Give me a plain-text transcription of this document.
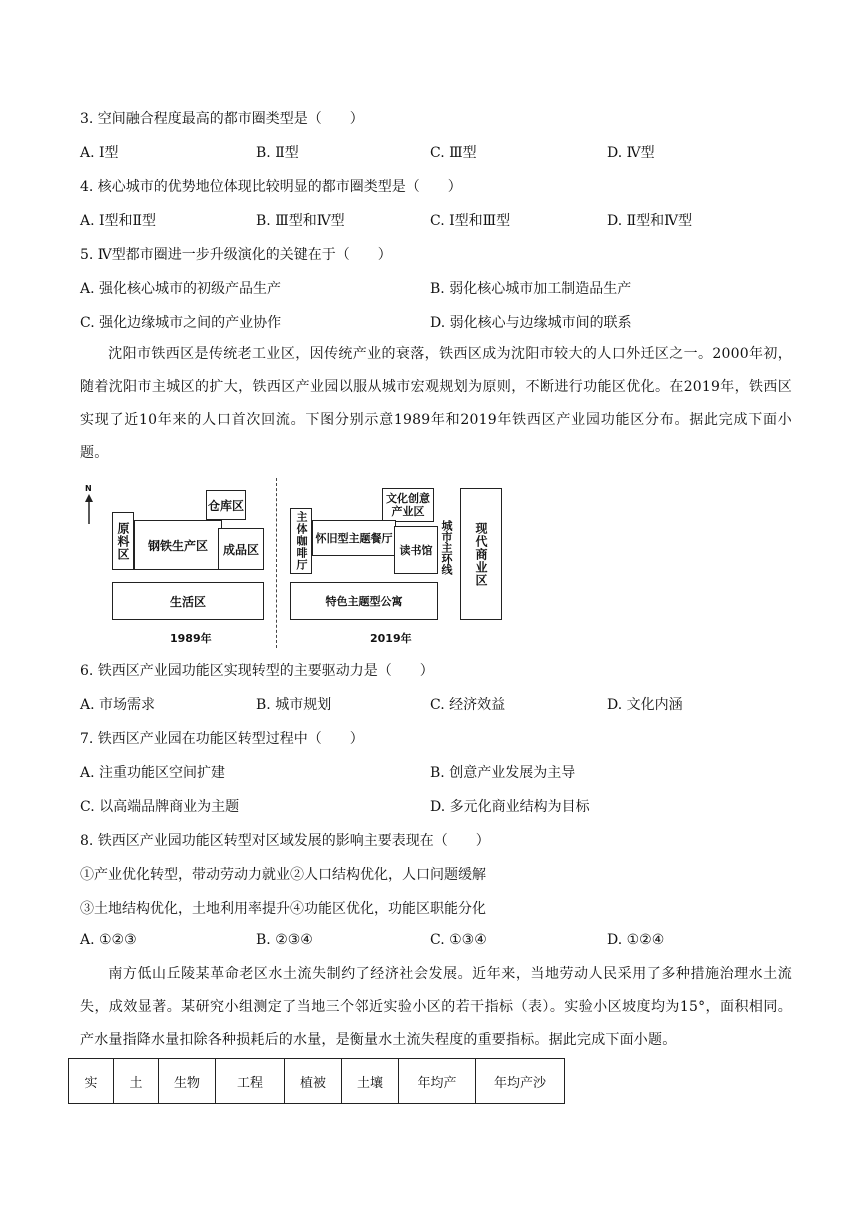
3. 空间融合程度最高的都市圈类型是（　　）
A. Ⅰ型	B. Ⅱ型	C. Ⅲ型	D. Ⅳ型
4. 核心城市的优势地位体现比较明显的都市圈类型是（　　）
A. Ⅰ型和Ⅱ型	B. Ⅲ型和Ⅳ型	C. Ⅰ型和Ⅲ型	D. Ⅱ型和Ⅳ型
5. Ⅳ型都市圈进一步升级演化的关键在于（　　）
A. 强化核心城市的初级产品生产	B. 弱化核心城市加工制造品生产
C. 强化边缘城市之间的产业协作	D. 弱化核心与边缘城市间的联系
沈阳市铁西区是传统老工业区，因传统产业的衰落，铁西区成为沈阳市较大的人口外迁区之一。2000年初，随着沈阳市主城区的扩大，铁西区产业园以服从城市宏观规划为原则，不断进行功能区优化。在2019年，铁西区实现了近10年来的人口首次回流。下图分别示意1989年和2019年铁西区产业园功能区分布。据此完成下面小题。
N
原料区
仓库区
钢铁生产区	成品区
生活区
1989年
主体咖啡厅
文化创意产业区
怀旧型主题餐厅
读书馆
特色主题型公寓
城市主环线	现代商业区
2019年
6. 铁西区产业园功能区实现转型的主要驱动力是（　　）
A. 市场需求	B. 城市规划	C. 经济效益	D. 文化内涵
7. 铁西区产业园在功能区转型过程中（　　）
A. 注重功能区空间扩建	B. 创意产业发展为主导
C. 以高端品牌商业为主题	D. 多元化商业结构为目标
8. 铁西区产业园功能区转型对区域发展的影响主要表现在（　　）
①产业优化转型，带动劳动力就业②人口结构优化，人口问题缓解
③土地结构优化，土地利用率提升④功能区优化，功能区职能分化
A. ①②③	B. ②③④	C. ①③④	D. ①②④
南方低山丘陵某革命老区水土流失制约了经济社会发展。近年来，当地劳动人民采用了多种措施治理水土流失，成效显著。某研究小组测定了当地三个邻近实验小区的若干指标（表）。实验小区坡度均为15°，面积相同。产水量指降水量扣除各种损耗后的水量，是衡量水土流失程度的重要指标。据此完成下面小题。
实	土	生物	工程	植被	土壤	年均产	年均产沙
